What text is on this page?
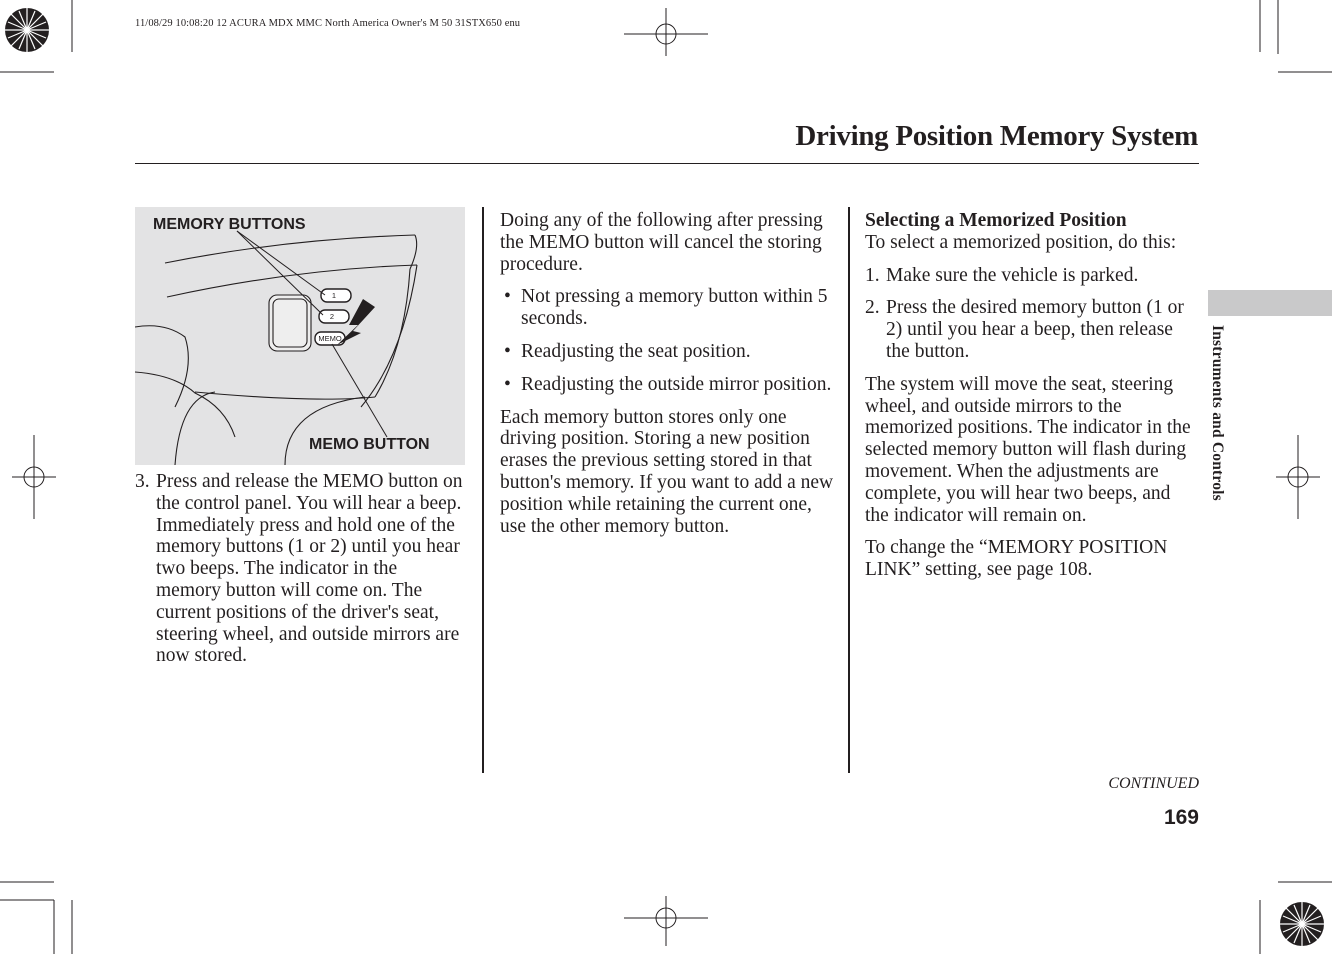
11/08/29 10:08:20 12 ACURA MDX MMC North America Owner's M 50 31STX650 enu
Driving Position Memory System
1
2
MEMO
MEMORY BUTTONS
MEMO BUTTON
3. Press and release the MEMO button on the control panel. You will hear a beep. Immediately press and hold one of the memory buttons (1 or 2) until you hear two beeps. The indicator in the memory button will come on. The current positions of the driver's seat, steering wheel, and outside mirrors are now stored.

Doing any of the following after pressing the MEMO button will cancel the storing procedure.

• Not pressing a memory button within 5 seconds.
• Readjusting the seat position.
• Readjusting the outside mirror position.

Each memory button stores only one driving position. Storing a new position erases the previous setting stored in that button's memory. If you want to add a new position while retaining the current one, use the other memory button.

Selecting a Memorized Position

To select a memorized position, do this:

1. Make sure the vehicle is parked.
2. Press the desired memory button (1 or 2) until you hear a beep, then release the button.

The system will move the seat, steering wheel, and outside mirrors to the memorized positions. The indicator in the selected memory button will flash during movement. When the adjustments are complete, you will hear two beeps, and the indicator will remain on.

To change the “MEMORY POSITION LINK” setting, see page 108.

Instruments and Controls
CONTINUED
169
